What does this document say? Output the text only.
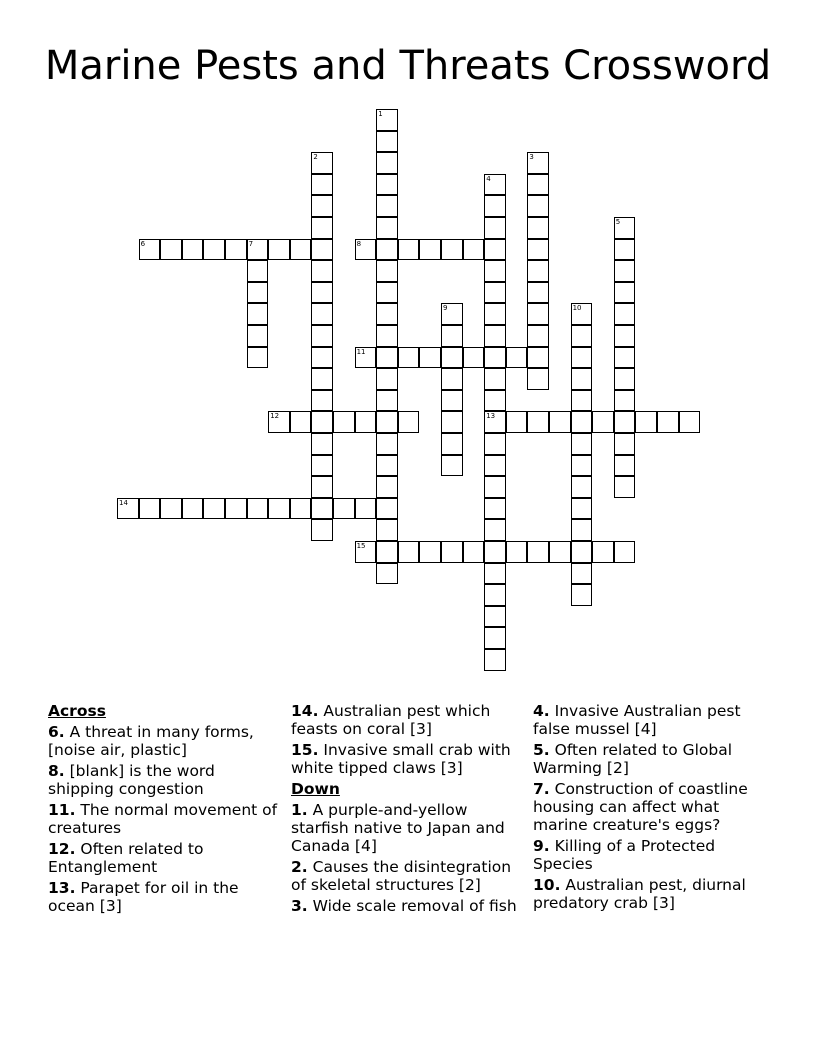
Marine Pests and Threats Crossword
1
2	3
4
13
5
6	7	8
9	10
11
12
14
15
Across
6. A threat in many forms, [noise air, plastic]
8. [blank] is the word shipping congestion
11. The normal movement of creatures
12. Often related to Entanglement
13. Parapet for oil in the ocean [3]
14. Australian pest which feasts on coral [3]
15. Invasive small crab with white tipped claws [3]
Down
1. A purple-and-yellow starfish native to Japan and Canada [4]
2. Causes the disintegration of skeletal structures [2]
3. Wide scale removal of fish
4. Invasive Australian pest false mussel [4]
5. Often related to Global Warming [2]
7. Construction of coastline housing can affect what marine creature's eggs?
9. Killing of a Protected Species
10. Australian pest, diurnal predatory crab [3]
